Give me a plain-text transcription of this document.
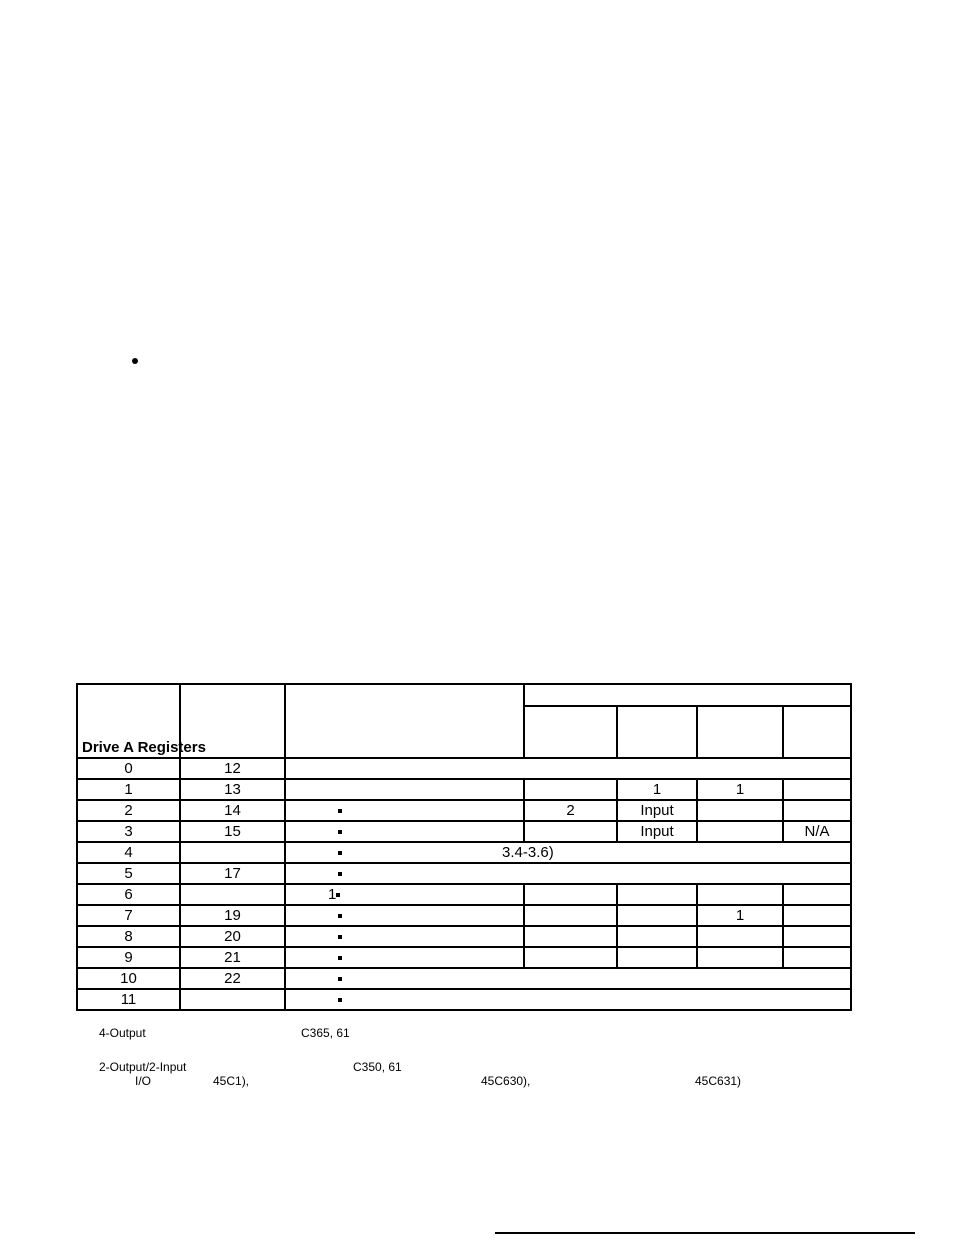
Drive A Registers						

0	12					
1	13			1	1	
2	14		2	Input		
3	15			Input		N/A
4		3.4-3.6)				
5	17					
6		1				
7	19				1	
8	20					
9	21					
10	22					
11						
4-Output	C365, 61
2-Output/2-Input	C350, 61
I/O	45C1),	45C630),	45C631)
